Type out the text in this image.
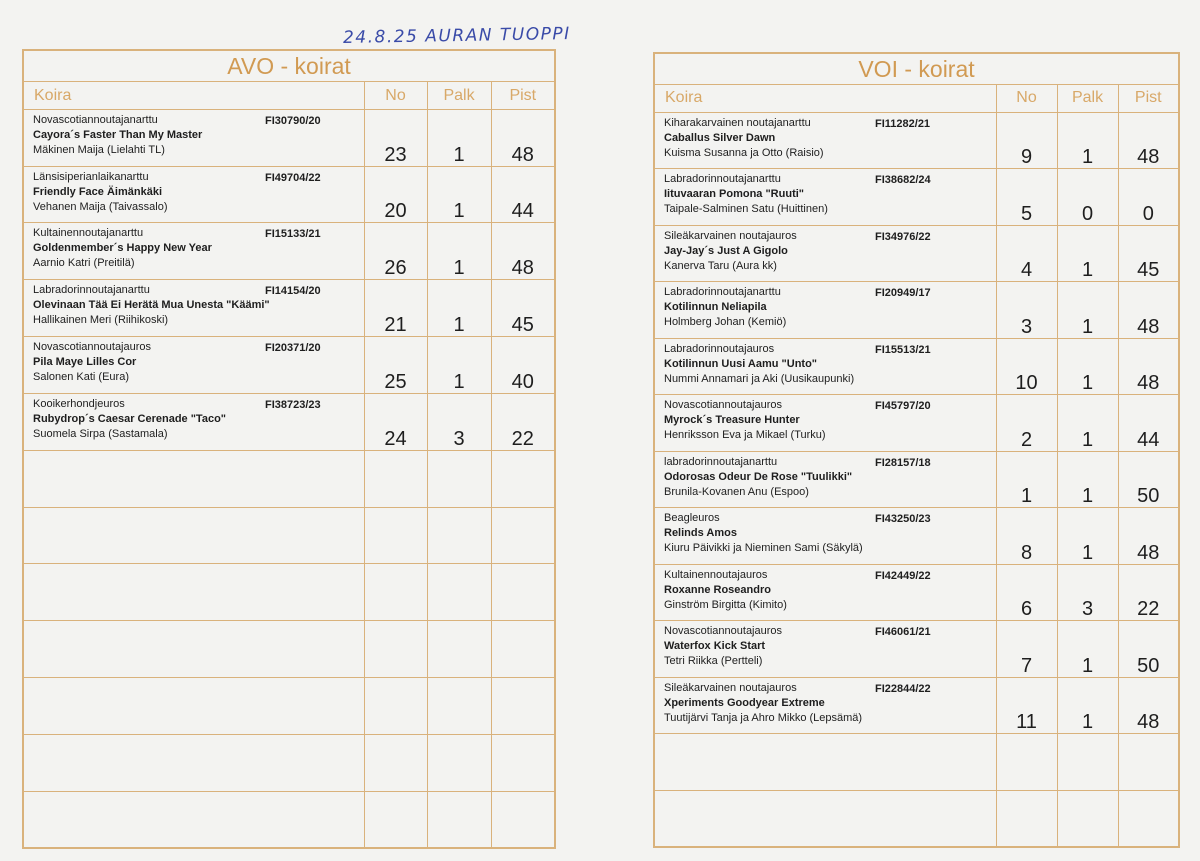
24.8.25 AURAN TUOPPI
AVO - koirat			
Koira	No	Palk	Pist

Novascotiannoutajanarttu FI30790/20
Cayora´s Faster Than My Master
Mäkinen Maija (Lielahti TL)	23	1	48

Länsisiperianlaikanarttu FI49704/22
Friendly Face Äimänkäki
Vehanen Maija (Taivassalo)	20	1	44

Kultainennoutajanarttu FI15133/21
Goldenmember´s Happy New Year
Aarnio Katri (Preitilä)	26	1	48

Labradorinnoutajanarttu FI14154/20
Olevinaan Tää Ei Herätä Mua Unesta "Käämi"
Hallikainen Meri (Riihikoski)	21	1	45

Novascotiannoutajauros FI20371/20
Pila Maye Lilles Cor
Salonen Kati (Eura)	25	1	40

Kooikerhondjeuros FI38723/23
Rubydrop´s Caesar Cerenade "Taco"
Suomela Sirpa (Sastamala)	24	3	22

VOI - koirat			
Koira	No	Palk	Pist

Kiharakarvainen noutajanarttu FI11282/21
Caballus Silver Dawn
Kuisma Susanna ja Otto (Raisio)	9	1	48

Labradorinnoutajanarttu FI38682/24
Iituvaaran Pomona "Ruuti"
Taipale-Salminen Satu (Huittinen)	5	0	0

Sileäkarvainen noutajauros FI34976/22
Jay-Jay´s Just A Gigolo
Kanerva Taru (Aura kk)	4	1	45

Labradorinnoutajanarttu FI20949/17
Kotilinnun Neliapila
Holmberg Johan (Kemiö)	3	1	48

Labradorinnoutajauros FI15513/21
Kotilinnun Uusi Aamu "Unto"
Nummi Annamari ja Aki (Uusikaupunki)	10	1	48

Novascotiannoutajauros FI45797/20
Myrock´s Treasure Hunter
Henriksson Eva ja Mikael (Turku)	2	1	44

labradorinnoutajanarttu FI28157/18
Odorosas Odeur De Rose "Tuulikki"
Brunila-Kovanen Anu (Espoo)	1	1	50

Beagleuros FI43250/23
Relinds Amos
Kiuru Päivikki ja Nieminen Sami (Säkylä)	8	1	48

Kultainennoutajauros FI42449/22
Roxanne Roseandro
Ginström Birgitta (Kimito)	6	3	22

Novascotiannoutajauros FI46061/21
Waterfox Kick Start
Tetri Riikka (Pertteli)	7	1	50

Sileäkarvainen noutajauros FI22844/22
Xperiments Goodyear Extreme
Tuutijärvi Tanja ja Ahro Mikko (Lepsämä)	11	1	48
